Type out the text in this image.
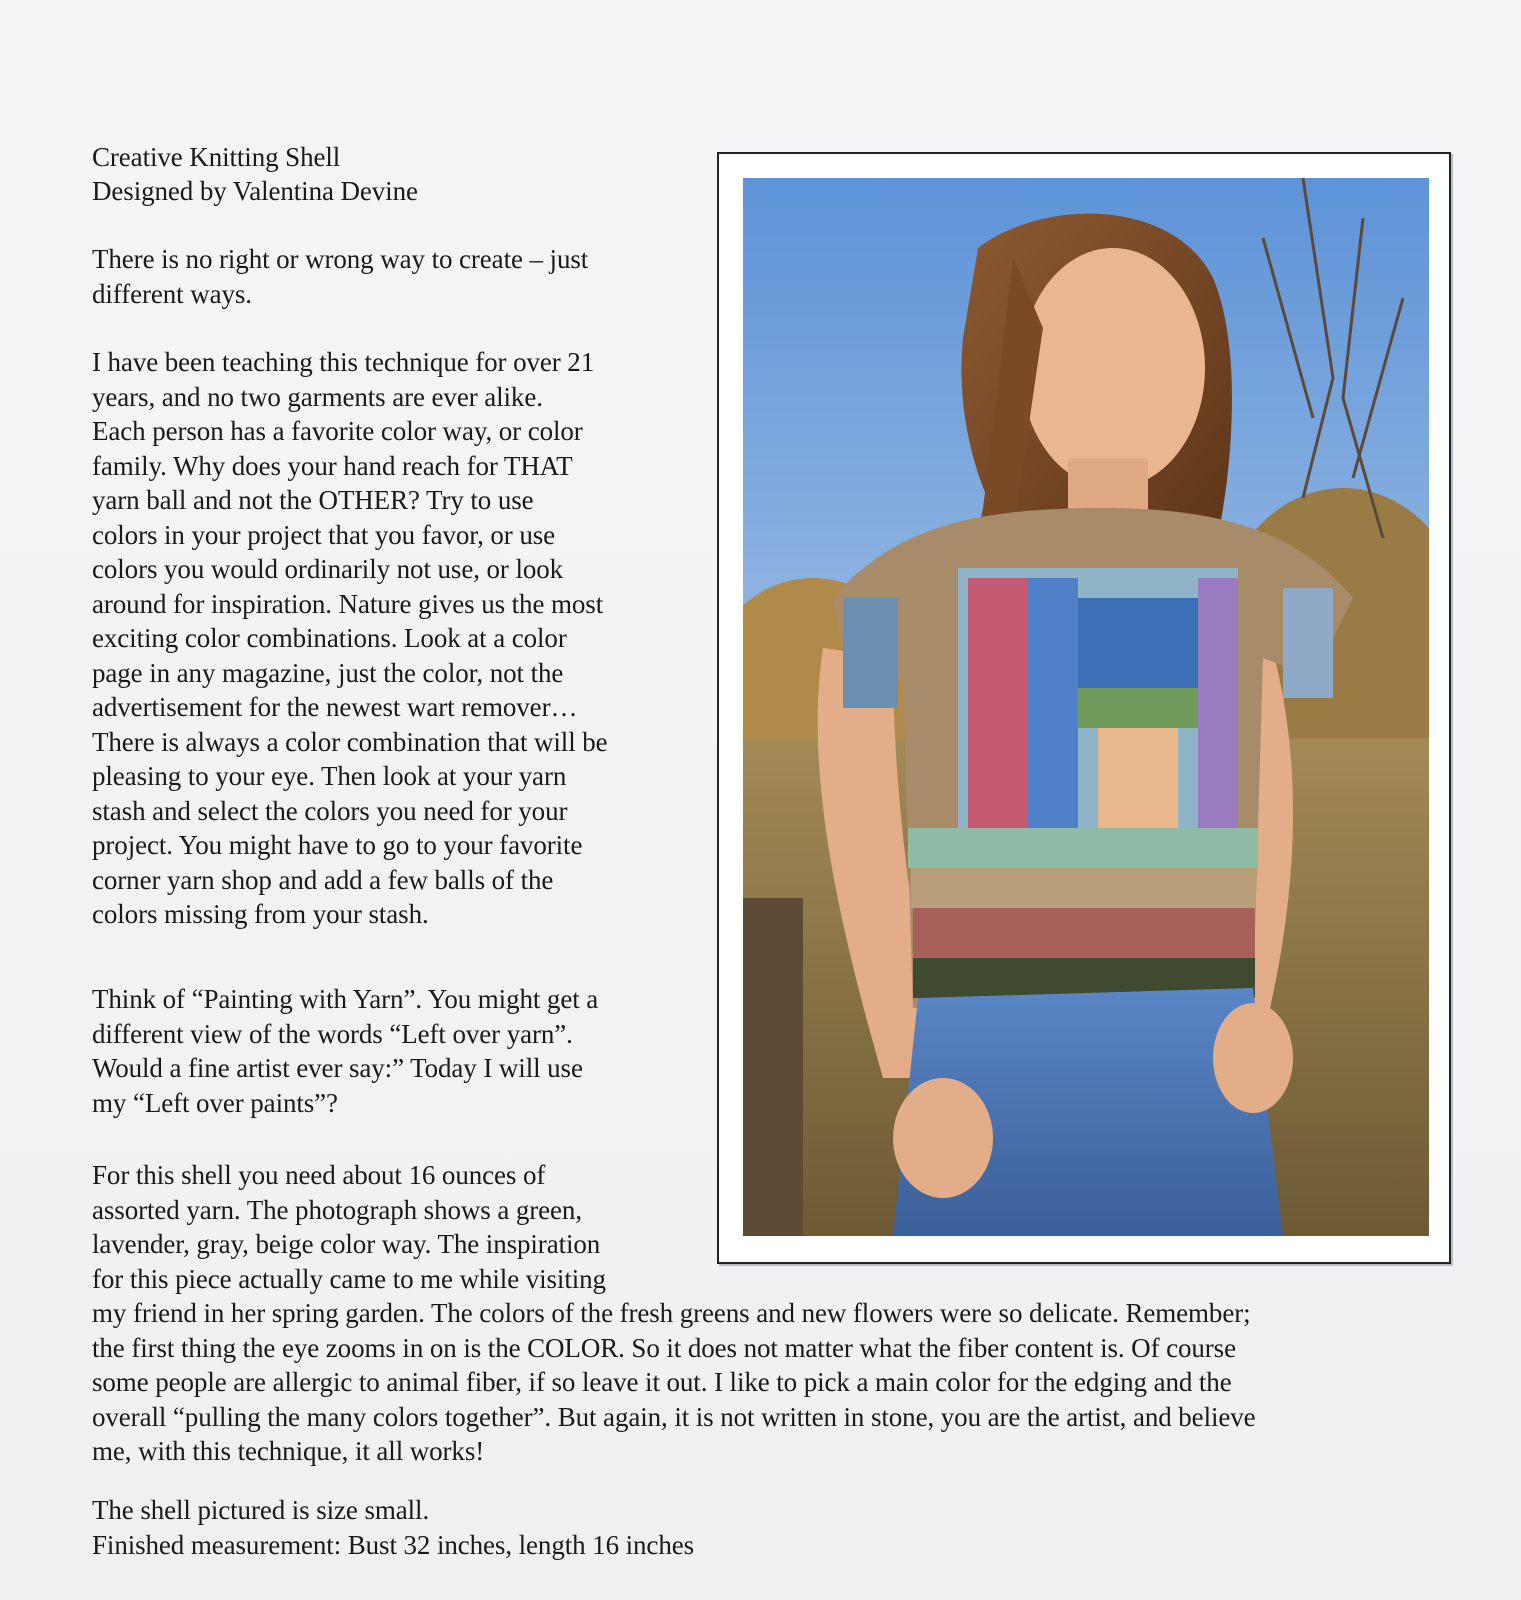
Creative Knitting Shell
Designed by Valentina Devine
There is no right or wrong way to create – just
different ways.
I have been teaching this technique for over 21
years, and no two garments are ever alike.
Each person has a favorite color way, or color
family. Why does your hand reach for THAT
yarn ball and not the OTHER? Try to use
colors in your project that you favor, or use
colors you would ordinarily not use, or look
around for inspiration. Nature gives us the most
exciting color combinations. Look at a color
page in any magazine, just the color, not the
advertisement for the newest wart remover…
There is always a color combination that will be
pleasing to your eye. Then look at your yarn
stash and select the colors you need for your
project. You might have to go to your favorite
corner yarn shop and add a few balls of the
colors missing from your stash.
Think of “Painting with Yarn”. You might get a
different view of the words “Left over yarn”.
Would a fine artist ever say:” Today I will use
my “Left over paints”?
For this shell you need about 16 ounces of
assorted yarn. The photograph shows a green,
lavender, gray, beige color way. The inspiration
for this piece actually came to me while visiting
my friend in her spring garden. The colors of the fresh greens and new flowers were so delicate. Remember;
the first thing the eye zooms in on is the COLOR. So it does not matter what the fiber content is. Of course
some people are allergic to animal fiber, if so leave it out. I like to pick a main color for the edging and the
overall “pulling the many colors together”. But again, it is not written in stone, you are the artist, and believe
me, with this technique, it all works!
The shell pictured is size small.
Finished measurement: Bust 32 inches, length 16 inches
